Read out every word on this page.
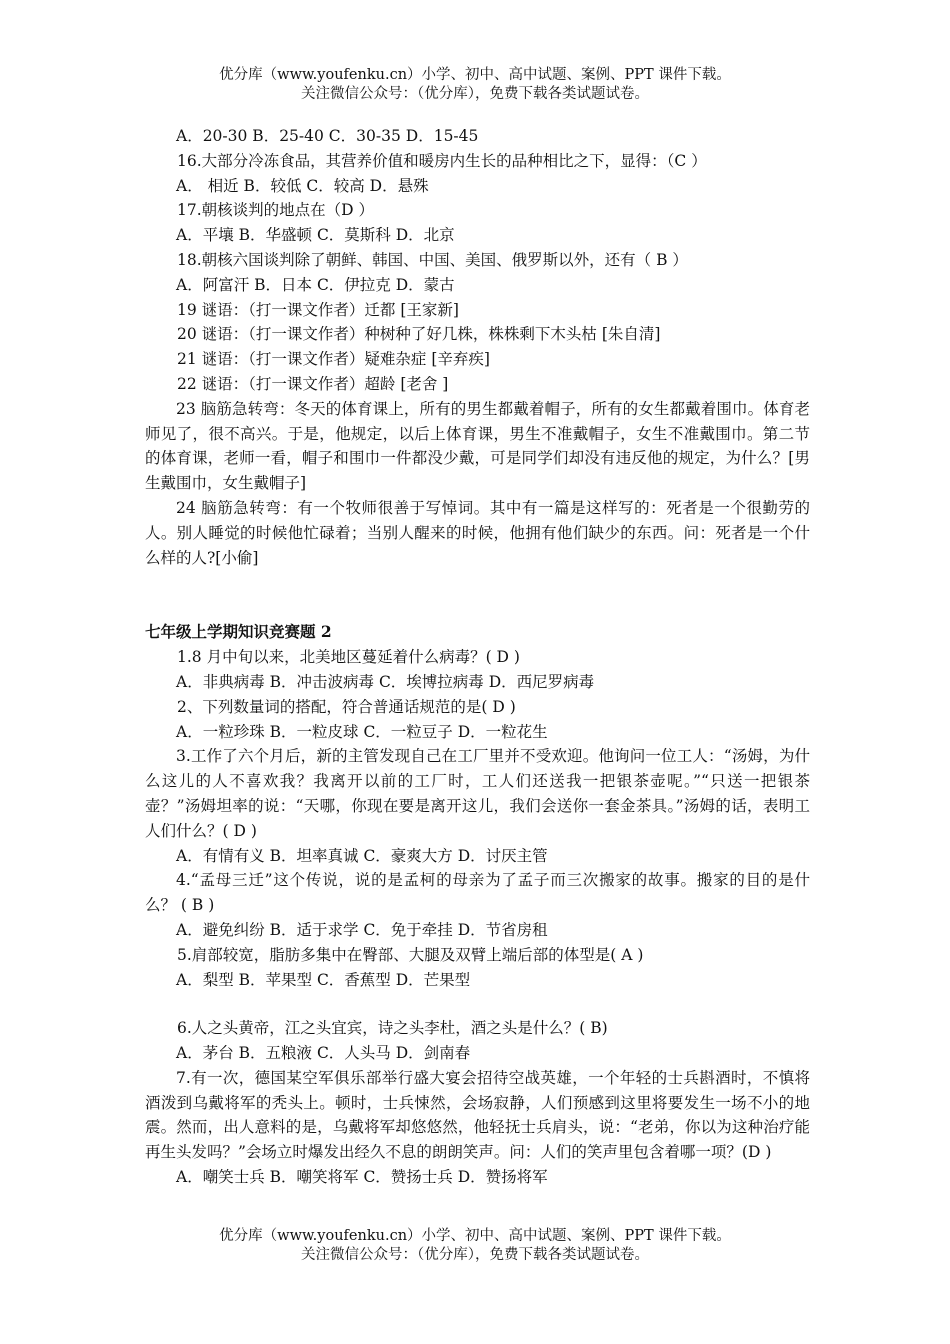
优分库（www.youfenku.cn）小学、初中、高中试题、案例、PPT 课件下载。

关注微信公众号：（优分库），免费下载各类试题试卷。

A．20-30 B．25-40 C．30-35 D．15-45

16.大部分冷冻食品，其营养价值和暖房内生长的品种相比之下，显得：（C ）

A． 相近 B．较低 C．较高 D．悬殊

17.朝核谈判的地点在（D ）

A．平壤 B．华盛顿 C．莫斯科 D．北京

18.朝核六国谈判除了朝鲜、韩国、中国、美国、俄罗斯以外，还有（ B ）

A．阿富汗 B．日本 C．伊拉克 D．蒙古

19 谜语：（打一课文作者）迁都 [王家新]

20 谜语：（打一课文作者）种树种了好几株，株株剩下木头枯 [朱自清]

21 谜语：（打一课文作者）疑难杂症 [辛弃疾]

22 谜语：（打一课文作者）超龄 [老舍 ]

23 脑筋急转弯：冬天的体育课上，所有的男生都戴着帽子，所有的女生都戴着围巾。体育老师见了，很不高兴。于是，他规定，以后上体育课，男生不准戴帽子，女生不准戴围巾。第二节的体育课，老师一看，帽子和围巾一件都没少戴，可是同学们却没有违反他的规定，为什么？[男生戴围巾，女生戴帽子]

24 脑筋急转弯：有一个牧师很善于写悼词。其中有一篇是这样写的：死者是一个很勤劳的人。别人睡觉的时候他忙碌着；当别人醒来的时候，他拥有他们缺少的东西。问：死者是一个什么样的人?[小偷]

七年级上学期知识竞赛题 2

1.8 月中旬以来，北美地区蔓延着什么病毒？( D )

A．非典病毒 B．冲击波病毒 C．埃博拉病毒 D．西尼罗病毒

2、下列数量词的搭配，符合普通话规范的是( D )

A．一粒珍珠 B．一粒皮球 C．一粒豆子 D．一粒花生

3.工作了六个月后，新的主管发现自己在工厂里并不受欢迎。他询问一位工人：“汤姆，为什么这儿的人不喜欢我？我离开以前的工厂时，工人们还送我一把银茶壶呢。”“只送一把银茶壶？”汤姆坦率的说：“天哪，你现在要是离开这儿，我们会送你一套金茶具。”汤姆的话，表明工人们什么？( D )

A．有情有义 B．坦率真诚 C．豪爽大方 D．讨厌主管

4.“孟母三迁”这个传说，说的是孟柯的母亲为了孟子而三次搬家的故事。搬家的目的是什么？ ( B )

A．避免纠纷 B．适于求学 C．免于牵挂 D．节省房租

5.肩部较宽，脂肪多集中在臀部、大腿及双臂上端后部的体型是( A )

A．梨型 B．苹果型 C．香蕉型 D．芒果型

6.人之头黄帝，江之头宜宾，诗之头李杜，酒之头是什么？( B)

A．茅台 B．五粮液 C．人头马 D．剑南春

7.有一次，德国某空军俱乐部举行盛大宴会招待空战英雄，一个年轻的士兵斟酒时，不慎将酒泼到乌戴将军的秃头上。顿时，士兵悚然，会场寂静，人们预感到这里将要发生一场不小的地震。然而，出人意料的是，乌戴将军却悠悠然，他轻抚士兵肩头，说：“老弟，你以为这种治疗能再生头发吗？”会场立时爆发出经久不息的朗朗笑声。问：人们的笑声里包含着哪一项？(D )

A．嘲笑士兵 B．嘲笑将军 C．赞扬士兵 D．赞扬将军

优分库（www.youfenku.cn）小学、初中、高中试题、案例、PPT 课件下载。

关注微信公众号：（优分库），免费下载各类试题试卷。
